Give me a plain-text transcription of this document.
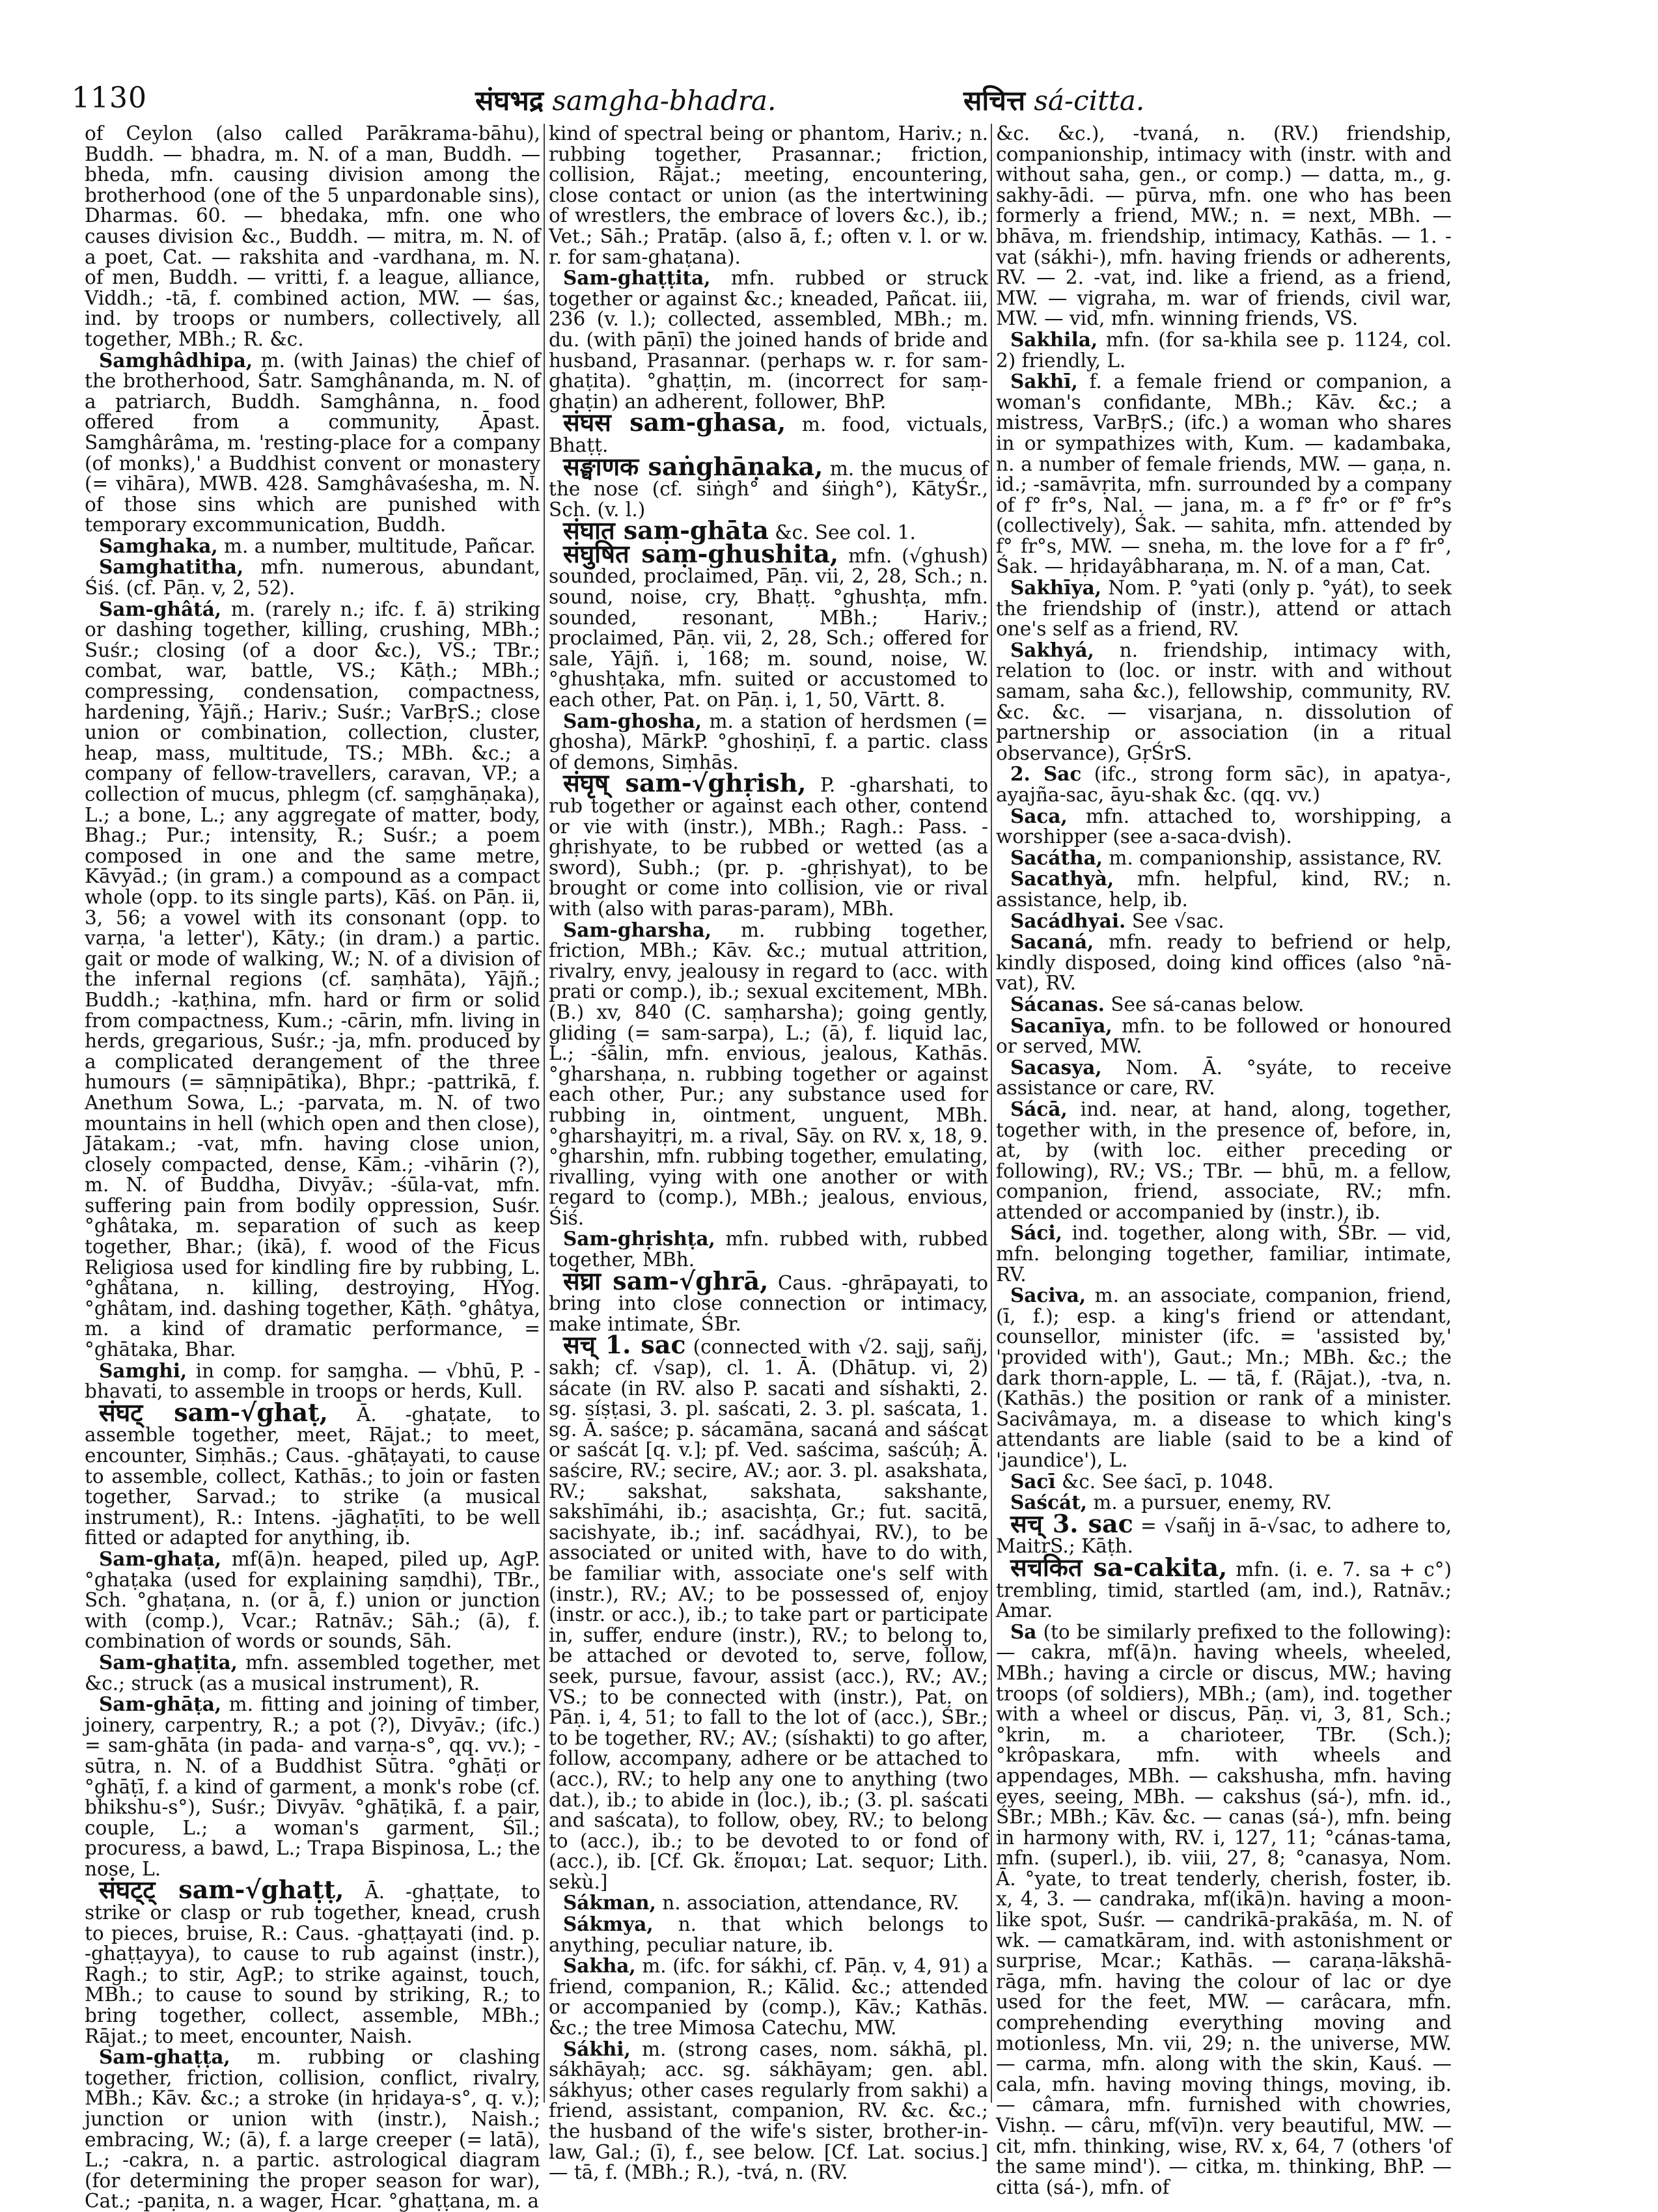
1130	संघभद्र samgha-bhadra.	सचित्त sá-citta.

of Ceylon (also called Parākrama-bāhu), Buddh. — bhadra, m. N. of a man, Buddh. — bheda, mfn. causing division among the brotherhood (one of the 5 unpardonable sins), Dharmas. 60. — bhedaka, mfn. one who causes division &c., Buddh. — mitra, m. N. of a poet, Cat. — rakshita and -vardhana, m. N. of men, Buddh. — vritti, f. a league, alliance, Viddh.; -tā, f. combined action, MW. — śas, ind. by troops or numbers, collectively, all together, MBh.; R. &c.

Samghâdhipa, m. (with Jainas) the chief of the brotherhood, Śatr. Samghânanda, m. N. of a patriarch, Buddh. Samghânna, n. food offered from a community, Āpast. Samghârâma, m. 'resting-place for a company (of monks),' a Buddhist convent or monastery (= vihāra), MWB. 428. Samghâvaśesha, m. N. of those sins which are punished with temporary excommunication, Buddh.

Samghaka, m. a number, multitude, Pañcar.

Samghatitha, mfn. numerous, abundant, Śiś. (cf. Pāṇ. v, 2, 52).

Sam-ghâtá, m. (rarely n.; ifc. f. ā) striking or dashing together, killing, crushing, MBh.; Suśr.; closing (of a door &c.), VS.; TBr.; combat, war, battle, VS.; Kāṭh.; MBh.; compressing, condensation, compactness, hardening, Yājñ.; Hariv.; Suśr.; VarBṛS.; close union or combination, collection, cluster, heap, mass, multitude, TS.; MBh. &c.; a company of fellow-travellers, caravan, VP.; a collection of mucus, phlegm (cf. saṃghāṇaka), L.; a bone, L.; any aggregate of matter, body, Bhag.; Pur.; intensity, R.; Suśr.; a poem composed in one and the same metre, Kāvyād.; (in gram.) a compound as a compact whole (opp. to its single parts), Kāś. on Pāṇ. ii, 3, 56; a vowel with its consonant (opp. to varṇa, 'a letter'), Kāty.; (in dram.) a partic. gait or mode of walking, W.; N. of a division of the infernal regions (cf. saṃhāta), Yājñ.; Buddh.; -kaṭhina, mfn. hard or firm or solid from compactness, Kum.; -cārin, mfn. living in herds, gregarious, Suśr.; -ja, mfn. produced by a complicated derangement of the three humours (= sāṃnipātika), Bhpr.; -pattrikā, f. Anethum Sowa, L.; -parvata, m. N. of two mountains in hell (which open and then close), Jātakam.; -vat, mfn. having close union, closely compacted, dense, Kām.; -vihārin (?), m. N. of Buddha, Divyāv.; -śūla-vat, mfn. suffering pain from bodily oppression, Suśr. °ghâtaka, m. separation of such as keep together, Bhar.; (ikā), f. wood of the Ficus Religiosa used for kindling fire by rubbing, L. °ghâtana, n. killing, destroying, HYog. °ghâtam, ind. dashing together, Kāṭh. °ghâtya, m. a kind of dramatic performance, = °ghātaka, Bhar.

Samghi, in comp. for saṃgha. — √bhū, P. -bhavati, to assemble in troops or herds, Kull.

संघट् sam-√ghaṭ, Ā. -ghaṭate, to assemble together, meet, Rājat.; to meet, encounter, Siṃhās.; Caus. -ghāṭayati, to cause to assemble, collect, Kathās.; to join or fasten together, Sarvad.; to strike (a musical instrument), R.: Intens. -jāghaṭīti, to be well fitted or adapted for anything, ib.

Sam-ghaṭa, mf(ā)n. heaped, piled up, AgP. °ghaṭaka (used for explaining saṃdhi), TBr., Sch. °ghaṭana, n. (or ā, f.) union or junction with (comp.), Vcar.; Ratnāv.; Sāh.; (ā), f. combination of words or sounds, Sāh.

Sam-ghaṭita, mfn. assembled together, met &c.; struck (as a musical instrument), R.

Sam-ghāṭa, m. fitting and joining of timber, joinery, carpentry, R.; a pot (?), Divyāv.; (ifc.) = sam-ghāta (in pada- and varṇa-s°, qq. vv.); -sūtra, n. N. of a Buddhist Sūtra. °ghāṭi or °ghāṭī, f. a kind of garment, a monk's robe (cf. bhikshu-s°), Suśr.; Divyāv. °ghāṭikā, f. a pair, couple, L.; a woman's garment, Śīl.; procuress, a bawd, L.; Trapa Bispinosa, L.; the nose, L.

संघट्ट् sam-√ghaṭṭ, Ā. -ghaṭṭate, to strike or clasp or rub together, knead, crush to pieces, bruise, R.: Caus. -ghaṭṭayati (ind. p. -ghaṭṭayya), to cause to rub against (instr.), Ragh.; to stir, AgP.; to strike against, touch, MBh.; to cause to sound by striking, R.; to bring together, collect, assemble, MBh.; Rājat.; to meet, encounter, Naish.

Sam-ghaṭṭa, m. rubbing or clashing together, friction, collision, conflict, rivalry, MBh.; Kāv. &c.; a stroke (in hṛidaya-s°, q. v.); junction or union with (instr.), Naish.; embracing, W.; (ā), f. a large creeper (= latā), L.; -cakra, n. a partic. astrological diagram (for determining the proper season for war), Cat.; -paṇita, n. a wager, Hcar. °ghaṭṭana, m. a

kind of spectral being or phantom, Hariv.; n. rubbing together, Prasannar.; friction, collision, Rājat.; meeting, encountering, close contact or union (as the intertwining of wrestlers, the embrace of lovers &c.), ib.; Vet.; Sāh.; Pratāp. (also ā, f.; often v. l. or w. r. for sam-ghaṭana).

Sam-ghaṭṭita, mfn. rubbed or struck together or against &c.; kneaded, Pañcat. iii, 236 (v. l.); collected, assembled, MBh.; m. du. (with pāṇī) the joined hands of bride and husband, Prasannar. (perhaps w. r. for sam-ghaṭita). °ghaṭṭin, m. (incorrect for saṃ-ghaṭin) an adherent, follower, BhP.

संघस sam-ghasa, m. food, victuals, Bhaṭṭ.

सङ्घाणक saṅghāṇaka, m. the mucus of the nose (cf. siṅgh° and śiṅgh°), KātyŚr., Sch. (v. l.)

संघात saṃ-ghāta &c. See col. 1.

संघुषित saṃ-ghushita, mfn. (√ghush) sounded, proclaimed, Pāṇ. vii, 2, 28, Sch.; n. sound, noise, cry, Bhaṭṭ. °ghushṭa, mfn. sounded, resonant, MBh.; Hariv.; proclaimed, Pāṇ. vii, 2, 28, Sch.; offered for sale, Yājñ. i, 168; m. sound, noise, W. °ghushṭaka, mfn. suited or accustomed to each other, Pat. on Pāṇ. i, 1, 50, Vārtt. 8.

Sam-ghosha, m. a station of herdsmen (= ghosha), MārkP. °ghoshiṇī, f. a partic. class of demons, Siṃhās.

संघृष् sam-√ghṛish, P. -gharshati, to rub together or against each other, contend or vie with (instr.), MBh.; Ragh.: Pass. -ghṛishyate, to be rubbed or wetted (as a sword), Subh.; (pr. p. -ghṛishyat), to be brought or come into collision, vie or rival with (also with paras-param), MBh.

Sam-gharsha, m. rubbing together, friction, MBh.; Kāv. &c.; mutual attrition, rivalry, envy, jealousy in regard to (acc. with prati or comp.), ib.; sexual excitement, MBh. (B.) xv, 840 (C. saṃharsha); going gently, gliding (= sam-sarpa), L.; (ā), f. liquid lac, L.; -śālin, mfn. envious, jealous, Kathās. °gharshaṇa, n. rubbing together or against each other, Pur.; any substance used for rubbing in, ointment, unguent, MBh. °gharshayitṛi, m. a rival, Sāy. on RV. x, 18, 9. °gharshin, mfn. rubbing together, emulating, rivalling, vying with one another or with regard to (comp.), MBh.; jealous, envious, Śiś.

Sam-ghṛishṭa, mfn. rubbed with, rubbed together, MBh.

संघ्रा sam-√ghrā, Caus. -ghrāpayati, to bring into close connection or intimacy, make intimate, ŚBr.

सच् 1. sac (connected with √2. sajj, sañj, sakh; cf. √sap), cl. 1. Ā. (Dhātup. vi, 2) sácate (in RV. also P. sacati and síshakti, 2. sg. síṣṭasi, 3. pl. saścati, 2. 3. pl. saścata, 1. sg. Ā. saśce; p. sácamāna, sacaná and sáścat or saścát [q. v.]; pf. Ved. saścima, saścúḥ; Ā. saścire, RV.; secire, AV.; aor. 3. pl. asakshata, RV.; sakshat, sakshata, sakshante, sakshīmáhi, ib.; asacishṭa, Gr.; fut. sacitā, sacishyate, ib.; inf. sacádhyai, RV.), to be associated or united with, have to do with, be familiar with, associate one's self with (instr.), RV.; AV.; to be possessed of, enjoy (instr. or acc.), ib.; to take part or participate in, suffer, endure (instr.), RV.; to belong to, be attached or devoted to, serve, follow, seek, pursue, favour, assist (acc.), RV.; AV.; VS.; to be connected with (instr.), Pat. on Pāṇ. i, 4, 51; to fall to the lot of (acc.), ŚBr.; to be together, RV.; AV.; (síshakti) to go after, follow, accompany, adhere or be attached to (acc.), RV.; to help any one to anything (two dat.), ib.; to abide in (loc.), ib.; (3. pl. saścati and saścata), to follow, obey, RV.; to belong to (acc.), ib.; to be devoted to or fond of (acc.), ib. [Cf. Gk. ἕπομαι; Lat. sequor; Lith. sekù.]

Sákman, n. association, attendance, RV.

Sákmya, n. that which belongs to anything, peculiar nature, ib.

Sakha, m. (ifc. for sákhi, cf. Pāṇ. v, 4, 91) a friend, companion, R.; Kālid. &c.; attended or accompanied by (comp.), Kāv.; Kathās. &c.; the tree Mimosa Catechu, MW.

Sákhi, m. (strong cases, nom. sákhā, pl. sákhāyaḥ; acc. sg. sákhāyam; gen. abl. sákhyus; other cases regularly from sakhi) a friend, assistant, companion, RV. &c. &c.; the husband of the wife's sister, brother-in-law, Gal.; (ī), f., see below. [Cf. Lat. socius.] — tā, f. (MBh.; R.), -tvá, n. (RV.

&c. &c.), -tvaná, n. (RV.) friendship, companionship, intimacy with (instr. with and without saha, gen., or comp.) — datta, m., g. sakhy-ādi. — pūrva, mfn. one who has been formerly a friend, MW.; n. = next, MBh. — bhāva, m. friendship, intimacy, Kathās. — 1. -vat (sákhi-), mfn. having friends or adherents, RV. — 2. -vat, ind. like a friend, as a friend, MW. — vigraha, m. war of friends, civil war, MW. — vid, mfn. winning friends, VS.

Sakhila, mfn. (for sa-khila see p. 1124, col. 2) friendly, L.

Sakhī, f. a female friend or companion, a woman's confidante, MBh.; Kāv. &c.; a mistress, VarBṛS.; (ifc.) a woman who shares in or sympathizes with, Kum. — kadambaka, n. a number of female friends, MW. — gaṇa, n. id.; -samāvṛita, mfn. surrounded by a company of f° fr°s, Nal. — jana, m. a f° fr° or f° fr°s (collectively), Śak. — sahita, mfn. attended by f° fr°s, MW. — sneha, m. the love for a f° fr°, Śak. — hṛidayâbharaṇa, m. N. of a man, Cat.

Sakhīya, Nom. P. °yati (only p. °yát), to seek the friendship of (instr.), attend or attach one's self as a friend, RV.

Sakhyá, n. friendship, intimacy with, relation to (loc. or instr. with and without samam, saha &c.), fellowship, community, RV. &c. &c. — visarjana, n. dissolution of partnership or association (in a ritual observance), GṛŚrS.

2. Sac (ifc., strong form sāc), in apatya-, ayajña-sac, āyu-shak &c. (qq. vv.)

Saca, mfn. attached to, worshipping, a worshipper (see a-saca-dvish).

Sacátha, m. companionship, assistance, RV.

Sacathyà, mfn. helpful, kind, RV.; n. assistance, help, ib.

Sacádhyai. See √sac.

Sacaná, mfn. ready to befriend or help, kindly disposed, doing kind offices (also °nā-vat), RV.

Sácanas. See sá-canas below.

Sacanīya, mfn. to be followed or honoured or served, MW.

Sacasya, Nom. Ā. °syáte, to receive assistance or care, RV.

Sácā, ind. near, at hand, along, together, together with, in the presence of, before, in, at, by (with loc. either preceding or following), RV.; VS.; TBr. — bhū, m. a fellow, companion, friend, associate, RV.; mfn. attended or accompanied by (instr.), ib.

Sáci, ind. together, along with, ŚBr. — vid, mfn. belonging together, familiar, intimate, RV.

Saciva, m. an associate, companion, friend, (ī, f.); esp. a king's friend or attendant, counsellor, minister (ifc. = 'assisted by,' 'provided with'), Gaut.; Mn.; MBh. &c.; the dark thorn-apple, L. — tā, f. (Rājat.), -tva, n. (Kathās.) the position or rank of a minister. Sacivâmaya, m. a disease to which king's attendants are liable (said to be a kind of 'jaundice'), L.

Sacī &c. See śacī, p. 1048.

Saścát, m. a pursuer, enemy, RV.

सच् 3. sac = √sañj in ā-√sac, to adhere to, MaitrS.; Kāṭh.

सचकित sa-cakita, mfn. (i. e. 7. sa + c°) trembling, timid, startled (am, ind.), Ratnāv.; Amar.

Sa (to be similarly prefixed to the following): — cakra, mf(ā)n. having wheels, wheeled, MBh.; having a circle or discus, MW.; having troops (of soldiers), MBh.; (am), ind. together with a wheel or discus, Pāṇ. vi, 3, 81, Sch.; °krin, m. a charioteer, TBr. (Sch.); °krôpaskara, mfn. with wheels and appendages, MBh. — cakshusha, mfn. having eyes, seeing, MBh. — cakshus (sá-), mfn. id., ŚBr.; MBh.; Kāv. &c. — canas (sá-), mfn. being in harmony with, RV. i, 127, 11; °cánas-tama, mfn. (superl.), ib. viii, 27, 8; °canasya, Nom. Ā. °yate, to treat tenderly, cherish, foster, ib. x, 4, 3. — candraka, mf(ikā)n. having a moon-like spot, Suśr. — candrikā-prakāśa, m. N. of wk. — camatkāram, ind. with astonishment or surprise, Mcar.; Kathās. — caraṇa-lākshā-rāga, mfn. having the colour of lac or dye used for the feet, MW. — carâcara, mfn. comprehending everything moving and motionless, Mn. vii, 29; n. the universe, MW. — carma, mfn. along with the skin, Kauś. — cala, mfn. having moving things, moving, ib. — câmara, mfn. furnished with chowries, Vishṇ. — câru, mf(vī)n. very beautiful, MW. — cit, mfn. thinking, wise, RV. x, 64, 7 (others 'of the same mind'). — citka, m. thinking, BhP. — citta (sá-), mfn. of
